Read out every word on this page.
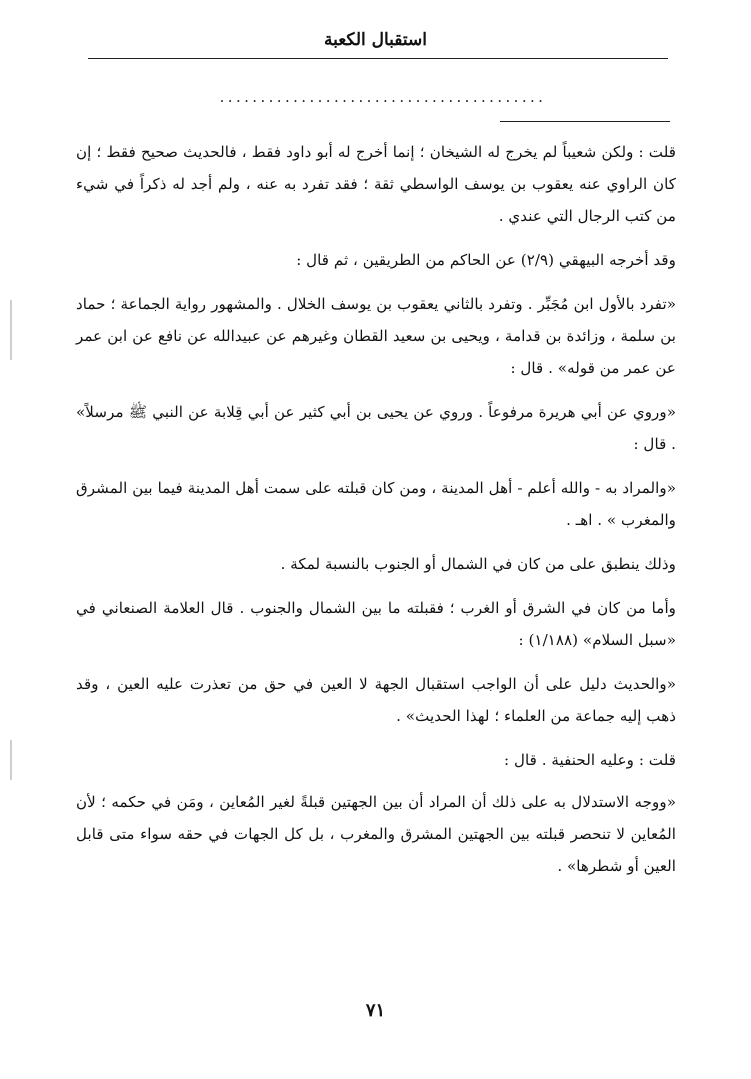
استقبال الكعبة
........................................

قلت : ولكن شعيباً لم يخرج له الشيخان ؛ إنما أخرج له أبو داود فقط ، فالحديث صحيح فقط ؛ إن كان الراوي عنه يعقوب بن يوسف الواسطي ثقة ؛ فقد تفرد به عنه ، ولم أجد له ذكراً في شيء من كتب الرجال التي عندي .

وقد أخرجه البيهقي (٢/٩) عن الحاكم من الطريقين ، ثم قال :

«تفرد بالأول ابن مُجَبِّر . وتفرد بالثاني يعقوب بن يوسف الخلال . والمشهور رواية الجماعة ؛ حماد بن سلمة ، وزائدة بن قدامة ، ويحيى بن سعيد القطان وغيرهم عن عبيدالله عن نافع عن ابن عمر عن عمر من قوله» . قال :

«وروي عن أبي هريرة مرفوعاً . وروي عن يحيى بن أبي كثير عن أبي قِلابة عن النبي ﷺ مرسلاً» . قال :

«والمراد به - والله أعلم - أهل المدينة ، ومن كان قبلته على سمت أهل المدينة فيما بين المشرق والمغرب » . اهـ .

وذلك ينطبق على من كان في الشمال أو الجنوب بالنسبة لمكة .

وأما من كان في الشرق أو الغرب ؛ فقبلته ما بين الشمال والجنوب . قال العلامة الصنعاني في «سبل السلام» (١/١٨٨) :

«والحديث دليل على أن الواجب استقبال الجهة لا العين في حق من تعذرت عليه العين ، وقد ذهب إليه جماعة من العلماء ؛ لهذا الحديث» .

قلت : وعليه الحنفية . قال :

«ووجه الاستدلال به على ذلك أن المراد أن بين الجهتين قبلةً لغير المُعاين ، ومَن في حكمه ؛ لأن المُعاين لا تنحصر قبلته بين الجهتين المشرق والمغرب ، بل كل الجهات في حقه سواء متى قابل العين أو شطرها» .

٧١
